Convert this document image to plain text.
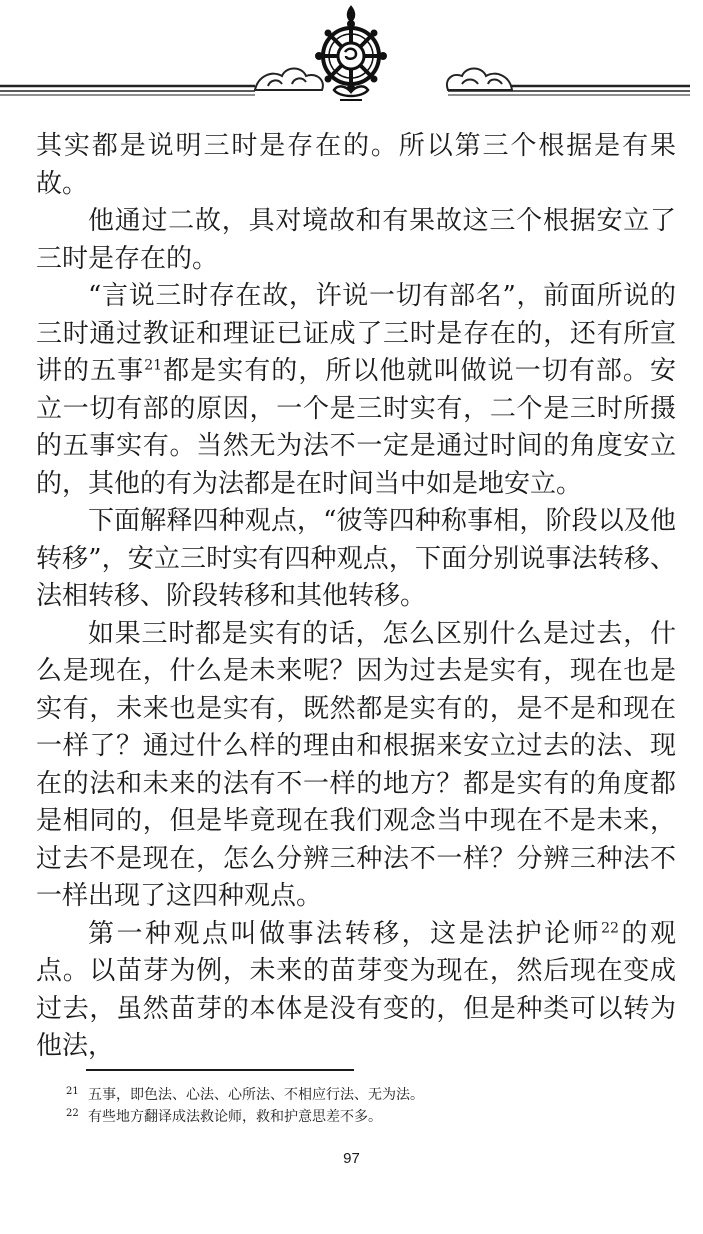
其实都是说明三时是存在的。所以第三个根据是有果故。

他通过二故，具对境故和有果故这三个根据安立了三时是存在的。

“言说三时存在故，许说一切有部名”，前面所说的三时通过教证和理证已证成了三时是存在的，还有所宣讲的五事$^{21}$都是实有的，所以他就叫做说一切有部。安立一切有部的原因，一个是三时实有，二个是三时所摄的五事实有。当然无为法不一定是通过时间的角度安立的，其他的有为法都是在时间当中如是地安立。

下面解释四种观点，“彼等四种称事相，阶段以及他转移”，安立三时实有四种观点，下面分别说事法转移、法相转移、阶段转移和其他转移。

如果三时都是实有的话，怎么区别什么是过去，什么是现在，什么是未来呢？因为过去是实有，现在也是实有，未来也是实有，既然都是实有的，是不是和现在一样了？通过什么样的理由和根据来安立过去的法、现在的法和未来的法有不一样的地方？都是实有的角度都是相同的，但是毕竟现在我们观念当中现在不是未来，过去不是现在，怎么分辨三种法不一样？分辨三种法不一样出现了这四种观点。

第一种观点叫做事法转移，这是法护论师$^{22}$的观点。以苗芽为例，未来的苗芽变为现在，然后现在变成过去，虽然苗芽的本体是没有变的，但是种类可以转为他法，

21 五事，即色法、心法、心所法、不相应行法、无为法。
22 有些地方翻译成法救论师，救和护意思差不多。
97
